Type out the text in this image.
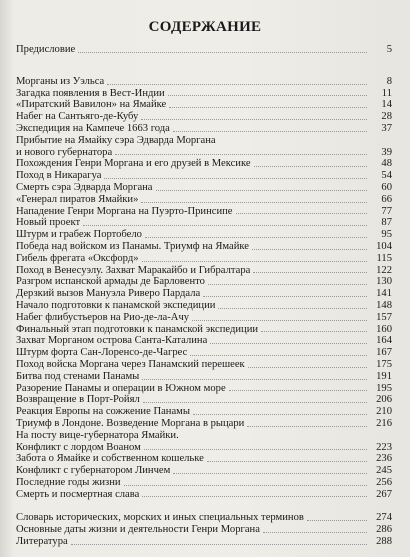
СОДЕРЖАНИЕ
Предисловие	5
Морганы из Уэльса	8
Загадка появления в Вест-Индии	11
«Пиратский Вавилон» на Ямайке	14
Набег на Сантьяго-де-Кубу	28
Экспедиция на Кампече 1663 года	37
Прибытие на Ямайку сэра Эдварда Моргана
и нового губернатора	39
Похождения Генри Моргана и его друзей в Мексике	48
Поход в Никарагуа	54
Смерть сэра Эдварда Моргана	60
«Генерал пиратов Ямайки»	66
Нападение Генри Моргана на Пуэрто-Принсипе	77
Новый проект	87
Штурм и грабеж Портобело	95
Победа над войском из Панамы. Триумф на Ямайке	104
Гибель фрегата «Оксфорд»	115
Поход в Венесуэлу. Захват Маракайбо и Гибралтара	122
Разгром испанской армады де Барловенто	130
Дерзкий вызов Мануэла Риверо Пардала	141
Начало подготовки к панамской экспедиции	148
Набег флибустьеров на Рио-де-ла-Ачу	157
Финальный этап подготовки к панамской экспедиции	160
Захват Морганом острова Санта-Каталина	164
Штурм форта Сан-Лоренсо-де-Чагрес	167
Поход войска Моргана через Панамский перешеек	175
Битва под стенами Панамы	191
Разорение Панамы и операции в Южном море	195
Возвращение в Порт-Ройял	206
Реакция Европы на сожжение Панамы	210
Триумф в Лондоне. Возведение Моргана в рыцари	216
На посту вице-губернатора Ямайки.
Конфликт с лордом Воаном	223
Забота о Ямайке и собственном кошельке	236
Конфликт с губернатором Линчем	245
Последние годы жизни	256
Смерть и посмертная слава	267
Словарь исторических, морских и иных специальных терминов	274
Основные даты жизни и деятельности Генри Моргана	286
Литература	288
